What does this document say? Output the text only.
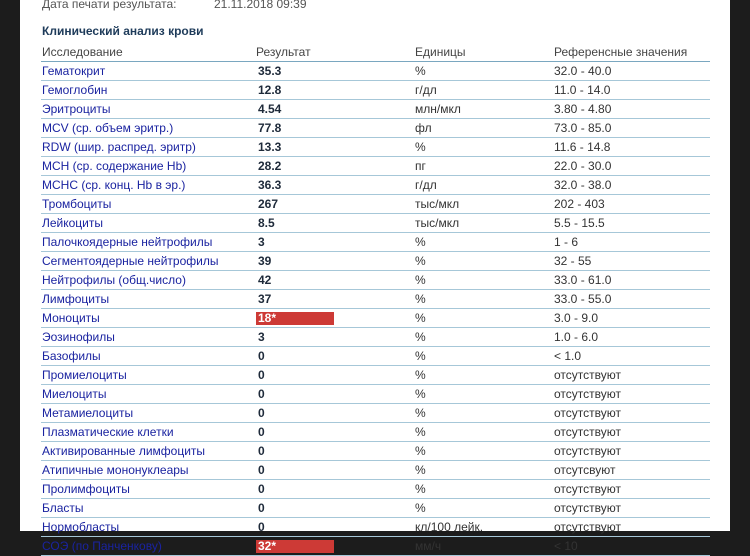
Дата печати результата:	21.11.2018 09:39
Клинический анализ крови
Исследование	Результат	Единицы	Референсные значения
Гематокрит	35.3	%	32.0 - 40.0
Гемоглобин	12.8	г/дл	11.0 - 14.0
Эритроциты	4.54	млн/мкл	3.80 - 4.80
MCV (ср. объем эритр.)	77.8	фл	73.0 - 85.0
RDW (шир. распред. эритр)	13.3	%	11.6 - 14.8
MCH (ср. содержание Hb)	28.2	пг	22.0 - 30.0
MCHC (ср. конц. Hb в эр.)	36.3	г/дл	32.0 - 38.0
Тромбоциты	267	тыс/мкл	202 - 403
Лейкоциты	8.5	тыс/мкл	5.5 - 15.5
Палочкоядерные нейтрофилы	3	%	1 - 6
Сегментоядерные нейтрофилы	39	%	32 - 55
Нейтрофилы (общ.число)	42	%	33.0 - 61.0
Лимфоциты	37	%	33.0 - 55.0
Моноциты	18*	%	3.0 - 9.0
Эозинофилы	3	%	1.0 - 6.0
Базофилы	0	%	< 1.0
Промиелоциты	0	%	отсутствуют
Миелоциты	0	%	отсутствуют
Метамиелоциты	0	%	отсутствуют
Плазматические клетки	0	%	отсутствуют
Активированные лимфоциты	0	%	отсутствуют
Атипичные мононуклеары	0	%	отсутсвуют
Пролимфоциты	0	%	отсутствуют
Бласты	0	%	отсутствуют
Нормобласты	0	кл/100 лейк.	отсутствуют
СОЭ (по Панченкову)	32*	мм/ч	< 10
